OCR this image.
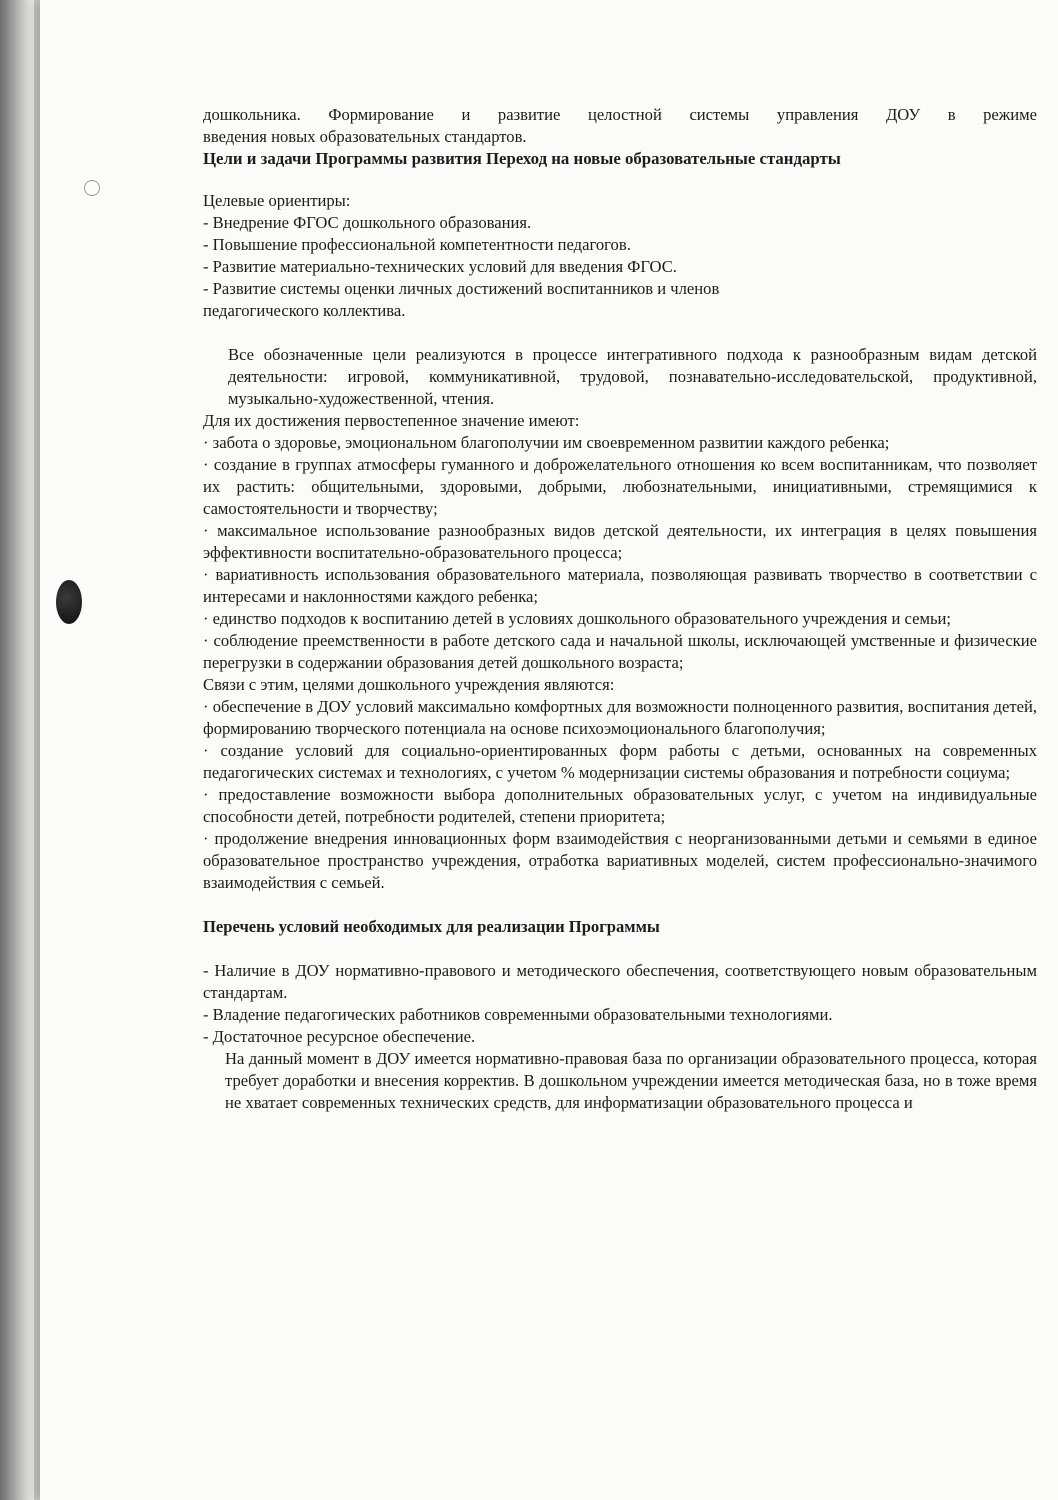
дошкольника. Формирование и развитие целостной системы управления ДОУ в режиме
введения новых образовательных стандартов.
Цели и задачи Программы развития Переход на новые образовательные стандарты
Целевые ориентиры:
- Внедрение ФГОС дошкольного образования.
- Повышение профессиональной компетентности педагогов.
- Развитие материально-технических условий для введения ФГОС.
- Развитие системы оценки личных достижений воспитанников и членов
педагогического коллектива.

Все обозначенные цели реализуются в процессе интегративного подхода к разнообразным видам детской деятельности: игровой, коммуникативной, трудовой, познавательно-исследовательской, продуктивной, музыкально-художественной, чтения.

Для их достижения первостепенное значение имеют:

· забота о здоровье, эмоциональном благополучии им своевременном развитии каждого ребенка;

· создание в группах атмосферы гуманного и доброжелательного отношения ко всем воспитанникам, что позволяет их растить: общительными, здоровыми, добрыми, любознательными, инициативными, стремящимися к самостоятельности и творчеству;

· максимальное использование разнообразных видов детской деятельности, их интеграция в целях повышения эффективности воспитательно-образовательного процесса;

· вариативность использования образовательного материала, позволяющая развивать творчество в соответствии с интересами и наклонностями каждого ребенка;

· единство подходов к воспитанию детей в условиях дошкольного образовательного учреждения и семьи;

· соблюдение преемственности в работе детского сада и начальной школы, исключающей умственные и физические перегрузки в содержании образования детей дошкольного возраста;

Связи с этим, целями дошкольного учреждения являются:

· обеспечение в ДОУ условий максимально комфортных для возможности полноценного развития, воспитания детей, формированию творческого потенциала на основе психоэмоционального благополучия;

· создание условий для социально-ориентированных форм работы с детьми, основанных на современных педагогических системах и технологиях, с учетом % модернизации системы образования и потребности социума;

· предоставление возможности выбора дополнительных образовательных услуг, с учетом на индивидуальные способности детей, потребности родителей, степени приоритета;

· продолжение внедрения инновационных форм взаимодействия с неорганизованными детьми и семьями в единое образовательное пространство учреждения, отработка вариативных моделей, систем профессионально-значимого взаимодействия с семьей.

Перечень условий необходимых для реализации Программы

- Наличие в ДОУ нормативно-правового и методического обеспечения, соответствующего новым образовательным стандартам.

- Владение педагогических работников современными образовательными технологиями.

- Достаточное ресурсное обеспечение.

На данный момент в ДОУ имеется нормативно-правовая база по организации образовательного процесса, которая требует доработки и внесения корректив. В дошкольном учреждении имеется методическая база, но в тоже время не хватает современных технических средств, для информатизации образовательного процесса и
